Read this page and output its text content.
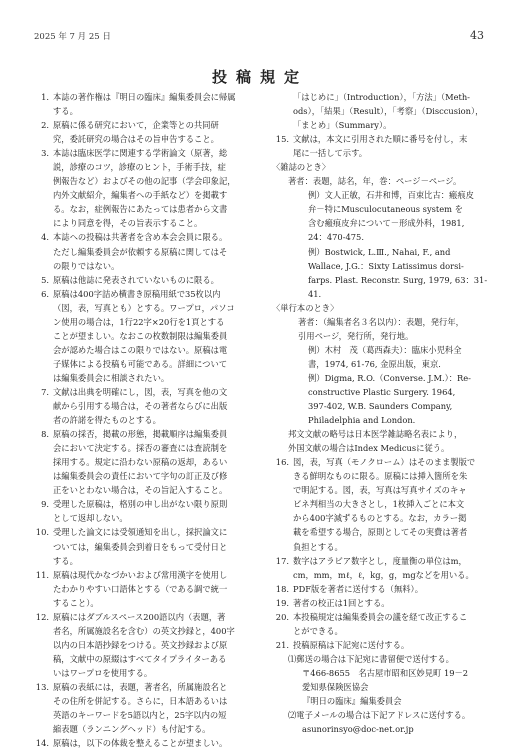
2025 年 7 月 25 日	43
投稿規定
1. 本誌の著作権は『明日の臨床』編集委員会に帰属
する。
2. 原稿に係る研究において，企業等との共同研
究，委託研究の場合はその旨申告すること。
3. 本誌は臨床医学に関連する学術論文（原著，総
説，診療のコツ，診療のヒント，手術手技，症
例報告など）およびその他の記事（学会印象記，
内外文献紹介，編集者への手紙など）を掲載す
る。なお，症例報告にあたっては患者から文書
により同意を得，その旨表示すること。
4. 本誌への投稿は共著者を含め本会会員に限る。
ただし編集委員会が依頼する原稿に関してはそ
の限りではない。
5. 原稿は他誌に発表されていないものに限る。
6. 原稿は400字詰め横書き原稿用紙で35枚以内
（図，表，写真とも）とする。ワープロ，パソコ
ン使用の場合は，1行22字×20行を1頁とする
ことが望ましい。なおこの枚数制限は編集委員
会が認めた場合はこの限りではない。原稿は電
子媒体による投稿も可能である。詳細について
は編集委員会に相談されたい。
7. 文献は出典を明確にし，図，表，写真を他の文
献から引用する場合は，その著者ならびに出版
者の許諾を得たものとする。
8. 原稿の採否，掲載の形態，掲載順序は編集委員
会において決定する。採否の審査には査読制を
採用する。規定に沿わない原稿の返却，あるい
は編集委員会の責任において字句の訂正及び修
正をいとわない場合は，その旨記入すること。
9. 受理した原稿は，格別の申し出がない限り原則
として返却しない。
10. 受理した論文には受領通知を出し，採択論文に
ついては，編集委員会到着日をもって受付日と
する。
11. 原稿は現代かなづかいおよび常用漢字を使用し
たわかりやすい口語体とする（である調で統一
すること）。
12. 原稿にはダブルスペース200語以内（表題，著
者名，所属施設名を含む）の英文抄録と，400字
以内の日本語抄録をつける。英文抄録および原
稿，文献中の原綴はすべてタイプライターある
いはワープロを使用する。
13. 原稿の表紙には，表題，著者名，所属施設名と
その住所を併記する。さらに，日本語あるいは
英語のキーワードを5語以内と，25字以内の短
縮表題（ランニングヘッド）も付記する。
14. 原稿は，以下の体裁を整えることが望ましい。
「はじめに」（Introduction），「方法」（Meth-
ods），「結果」（Result），「考察」（Disccusion），
「まとめ」（Summary）。
15. 文献は，本文に引用された順に番号を付し，末
尾に一括して示す。
〈雑誌のとき〉
著者：表題，誌名，年，巻：ページ－ページ。
例）文人正敏，石井和博，百束比古：瘢痕皮
弁－特にMusculocutaneous system を
含む瘢痕皮弁について－形成外科，1981,
24：470-475.
例）Bostwick, L.Ⅲ., Nahai, F., and
Wallace, J.G.：Sixty Latissimus dorsi-
farps. Plast. Reconstr. Surg, 1979, 63：31-
41.
〈単行本のとき〉
著者：（編集者名３名以内）：表題，発行年，
引用ページ，発行所，発行地。
例）木村　茂（葛西森夫）：臨床小児科全
書，1974, 61-76, 金原出版，東京．
例）Digma, R.O.（Converse. J.M.）：Re-
constructive Plastic Surgery. 1964,
397-402, W.B. Saunders Company,
Philadelphia and London.
邦文文献の略号は日本医学雑誌略名表により，
外国文献の場合はIndex Medicusに従う。
16. 図，表，写真（モノクローム）はそのまま製版で
きる鮮明なものに限る。原稿には挿入箇所を朱
で明記する。図，表，写真は写真サイズのキャ
ビネ判相当の大きさとし，1枚挿入ごとに本文
から400字減ずるものとする。なお，カラー掲
載を希望する場合，原則としてその実費は著者
負担とする。
17. 数字はアラビア数字とし，度量衡の単位はm，
cm，mm，mℓ，ℓ，kg，g，mgなどを用いる。
18. PDF版を著者に送付する（無料）。
19. 著者の校正は1回とする。
20. 本投稿規定は編集委員会の議を経て改正するこ
とができる。
21. 投稿原稿は下記宛に送付する。
⑴郵送の場合は下記宛に書留便で送付する。
〒466-8655　名古屋市昭和区妙見町 19－2
愛知県保険医協会
『明日の臨床』編集委員会
⑵電子メールの場合は下記アドレスに送付する。
asunorinsyo@doc-net.or.jp
